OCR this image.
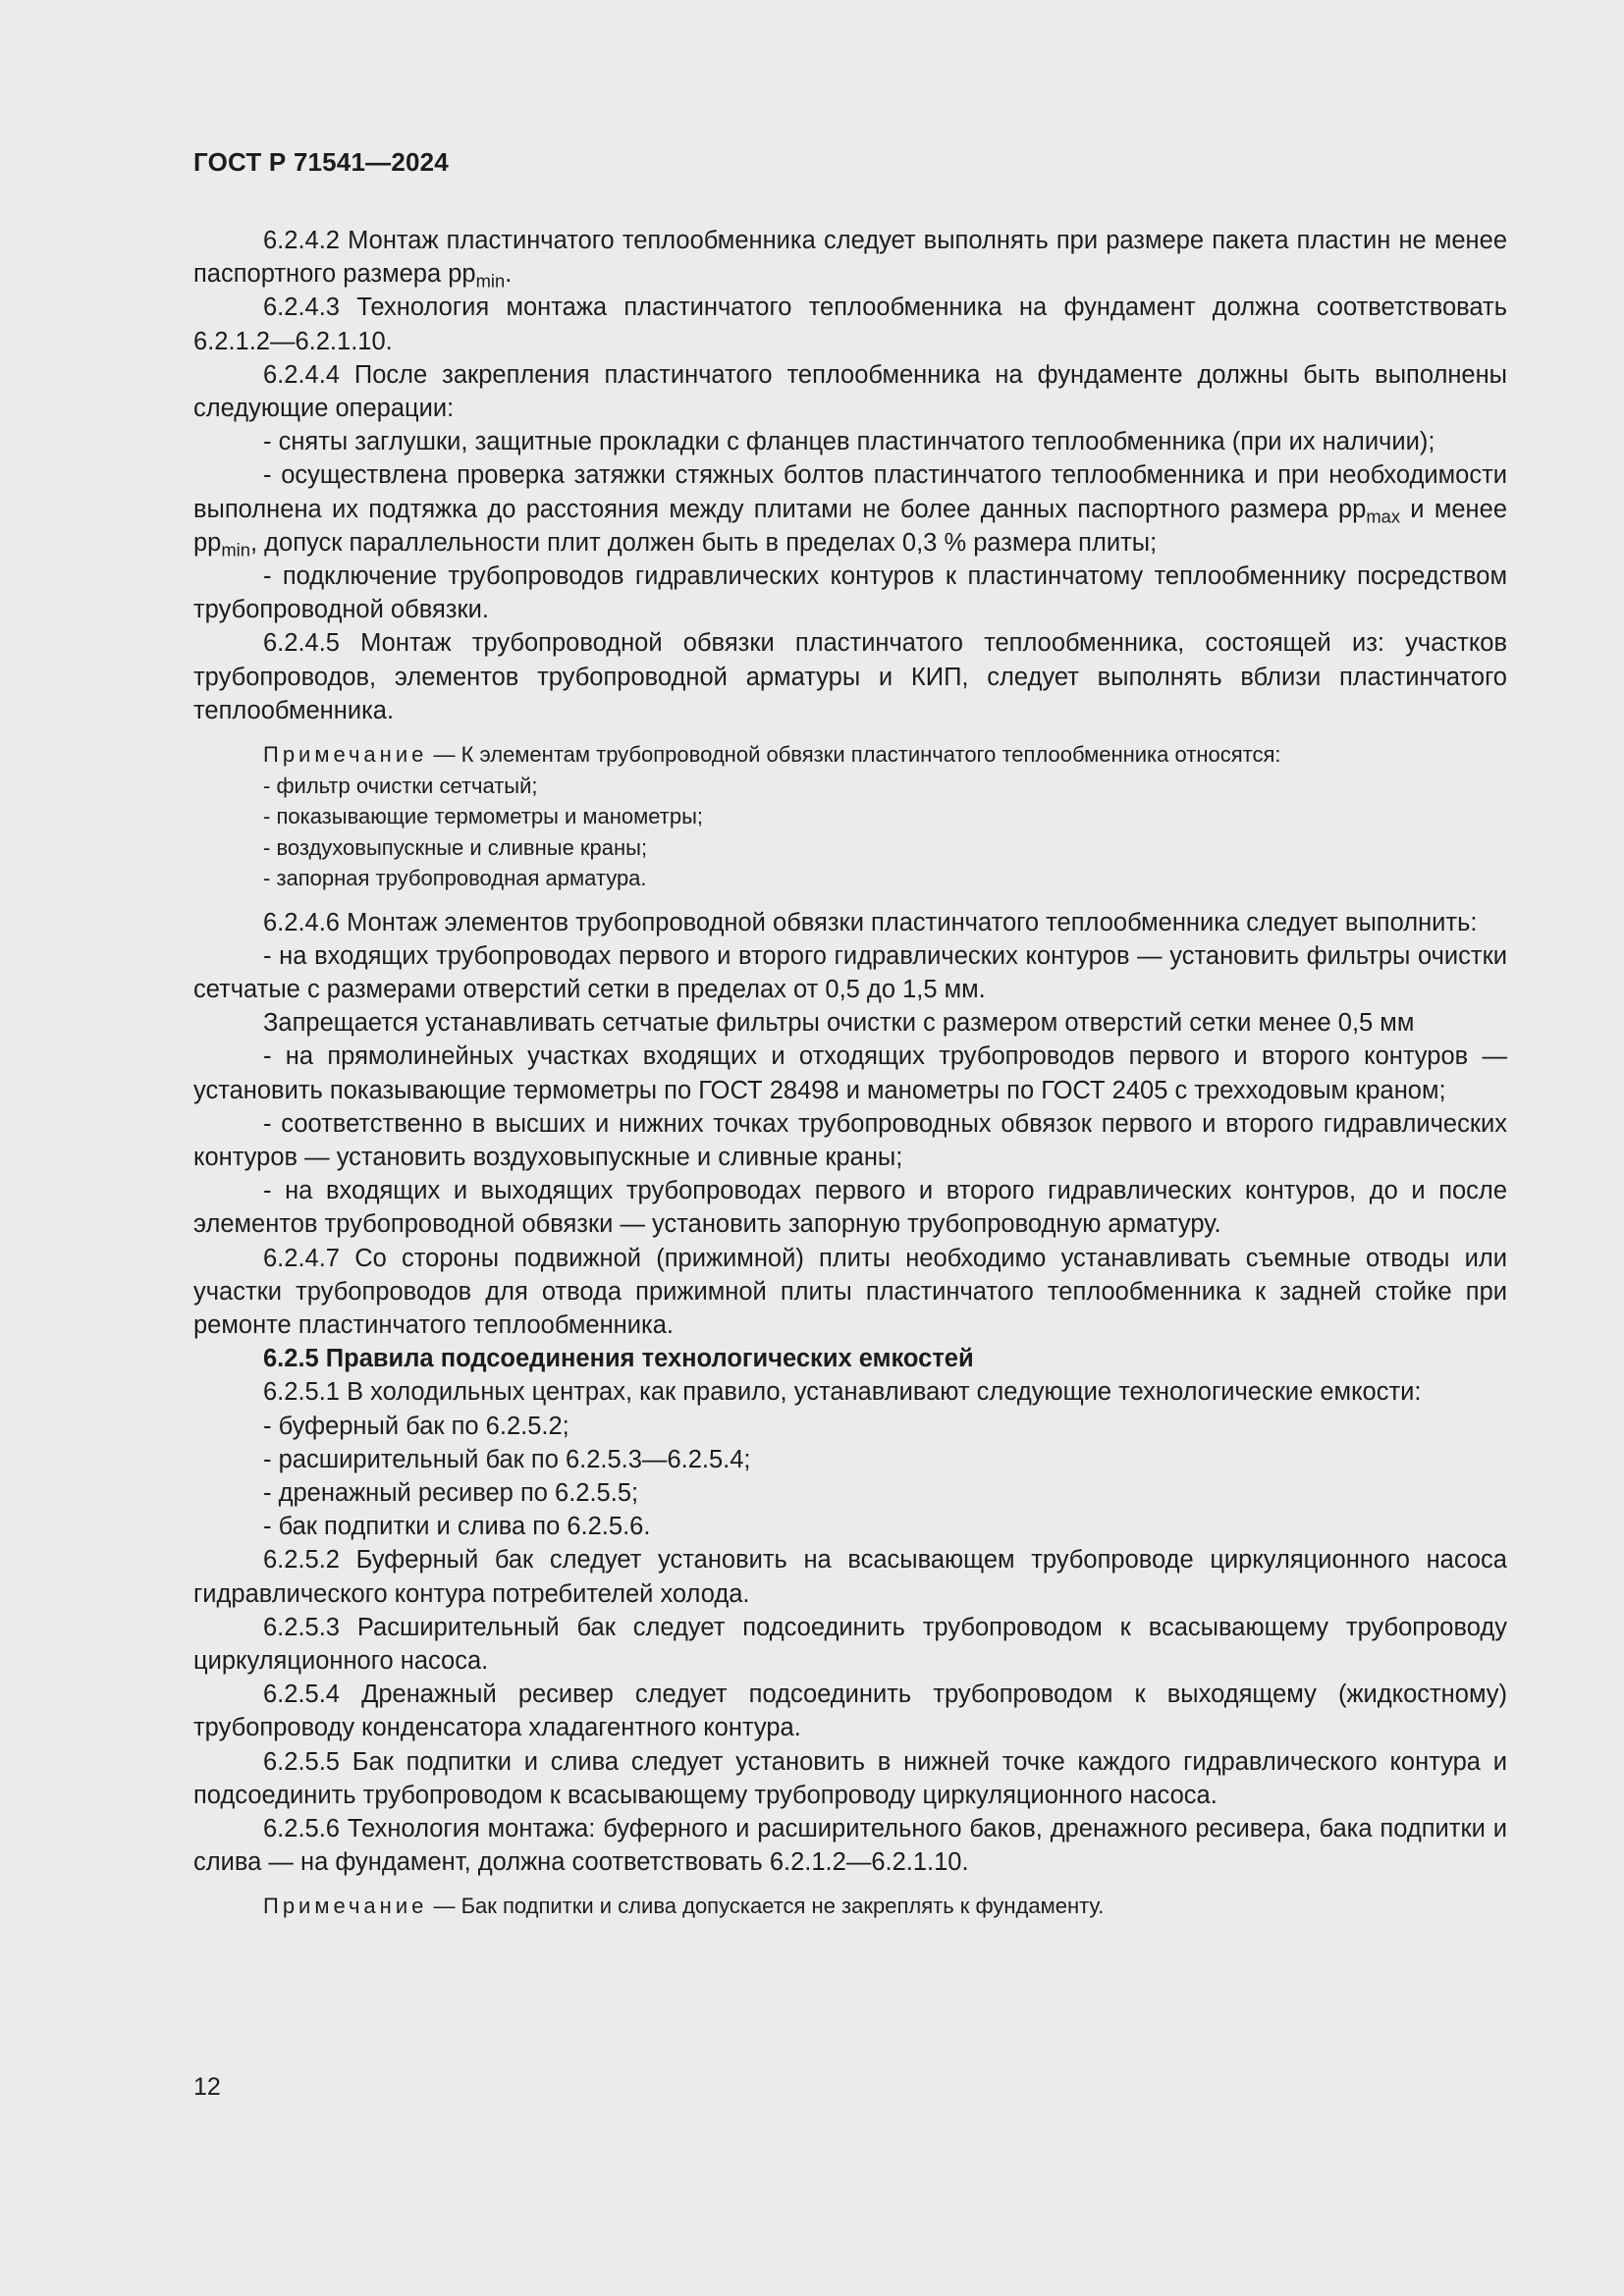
ГОСТ Р 71541—2024

6.2.4.2 Монтаж пластинчатого теплообменника следует выполнять при размере пакета пластин не менее паспортного размера $pp_{min}$.

6.2.4.3 Технология монтажа пластинчатого теплообменника на фундамент должна соответствовать 6.2.1.2—6.2.1.10.

6.2.4.4 После закрепления пластинчатого теплообменника на фундаменте должны быть выполнены следующие операции:

- сняты заглушки, защитные прокладки с фланцев пластинчатого теплообменника (при их наличии);

- осуществлена проверка затяжки стяжных болтов пластинчатого теплообменника и при необходимости выполнена их подтяжка до расстояния между плитами не более данных паспортного размера $pp_{max}$ и менее $pp_{min}$, допуск параллельности плит должен быть в пределах 0,3 % размера плиты;

- подключение трубопроводов гидравлических контуров к пластинчатому теплообменнику посредством трубопроводной обвязки.

6.2.4.5 Монтаж трубопроводной обвязки пластинчатого теплообменника, состоящей из: участков трубопроводов, элементов трубопроводной арматуры и КИП, следует выполнять вблизи пластинчатого теплообменника.

Примечание — К элементам трубопроводной обвязки пластинчатого теплообменника относятся:

- фильтр очистки сетчатый;

- показывающие термометры и манометры;

- воздуховыпускные и сливные краны;

- запорная трубопроводная арматура.

6.2.4.6 Монтаж элементов трубопроводной обвязки пластинчатого теплообменника следует выполнить:

- на входящих трубопроводах первого и второго гидравлических контуров — установить фильтры очистки сетчатые с размерами отверстий сетки в пределах от 0,5 до 1,5 мм.

Запрещается устанавливать сетчатые фильтры очистки с размером отверстий сетки менее 0,5 мм

- на прямолинейных участках входящих и отходящих трубопроводов первого и второго контуров — установить показывающие термометры по ГОСТ 28498 и манометры по ГОСТ 2405 с трехходовым краном;

- соответственно в высших и нижних точках трубопроводных обвязок первого и второго гидравлических контуров — установить воздуховыпускные и сливные краны;

- на входящих и выходящих трубопроводах первого и второго гидравлических контуров, до и после элементов трубопроводной обвязки — установить запорную трубопроводную арматуру.

6.2.4.7 Со стороны подвижной (прижимной) плиты необходимо устанавливать съемные отводы или участки трубопроводов для отвода прижимной плиты пластинчатого теплообменника к задней стойке при ремонте пластинчатого теплообменника.

6.2.5 Правила подсоединения технологических емкостей

6.2.5.1 В холодильных центрах, как правило, устанавливают следующие технологические емкости:

- буферный бак по 6.2.5.2;

- расширительный бак по 6.2.5.3—6.2.5.4;

- дренажный ресивер по 6.2.5.5;

- бак подпитки и слива по 6.2.5.6.

6.2.5.2 Буферный бак следует установить на всасывающем трубопроводе циркуляционного насоса гидравлического контура потребителей холода.

6.2.5.3 Расширительный бак следует подсоединить трубопроводом к всасывающему трубопроводу циркуляционного насоса.

6.2.5.4 Дренажный ресивер следует подсоединить трубопроводом к выходящему (жидкостному) трубопроводу конденсатора хладагентного контура.

6.2.5.5 Бак подпитки и слива следует установить в нижней точке каждого гидравлического контура и подсоединить трубопроводом к всасывающему трубопроводу циркуляционного насоса.

6.2.5.6 Технология монтажа: буферного и расширительного баков, дренажного ресивера, бака подпитки и слива — на фундамент, должна соответствовать 6.2.1.2—6.2.1.10.

Примечание — Бак подпитки и слива допускается не закреплять к фундаменту.

12
